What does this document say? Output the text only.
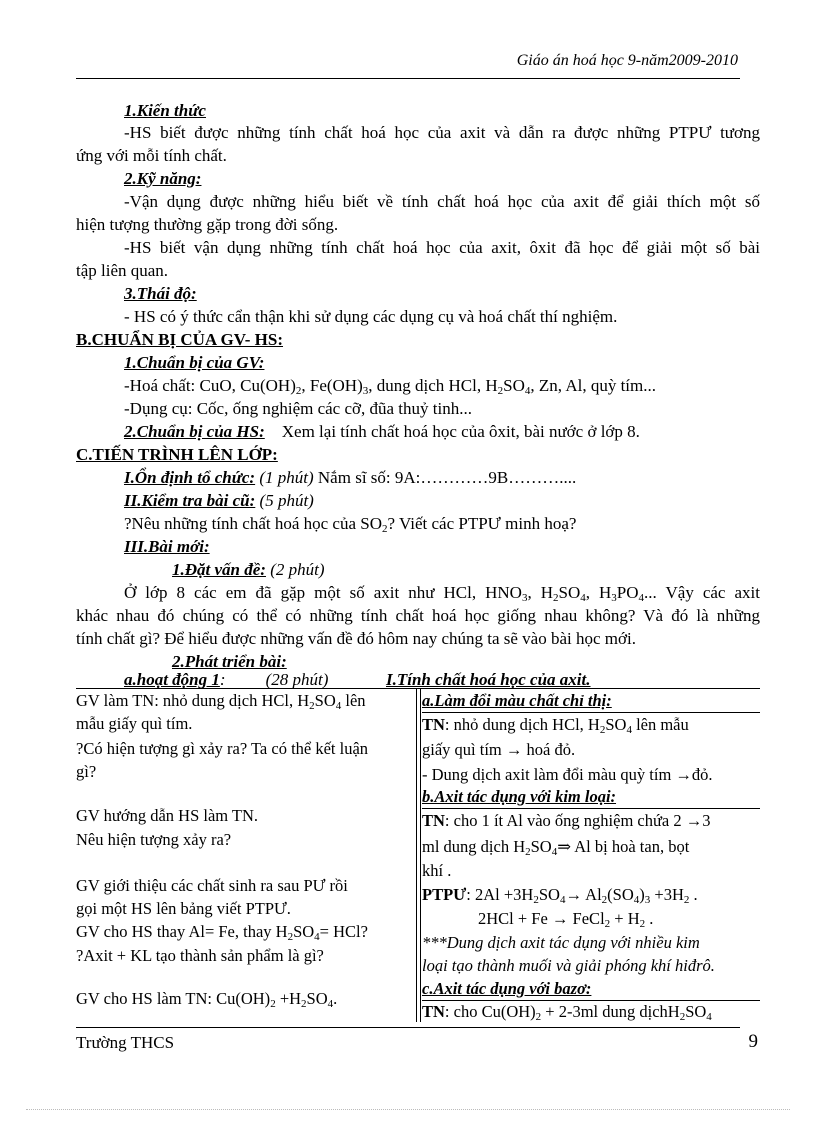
Giáo án hoá học 9-năm2009-2010
1.Kiến thức
-HS biết được những tính chất hoá học của axit và dẫn ra được những PTPƯ tương
ứng với mỗi tính chất.
2.Kỹ năng:
-Vận dụng được những hiểu biết về tính chất hoá học của axit để giải thích một số
hiện tượng thường gặp trong đời sống.
-HS biết vận dụng những tính chất hoá học của axit, ôxit đã học để giải một số bài
tập liên quan.
3.Thái độ:
- HS có ý thức cẩn thận khi sử dụng các dụng cụ và hoá chất thí nghiệm.
B.CHUẨN BỊ CỦA GV- HS:
1.Chuẩn bị của GV:
-Hoá chất: CuO, $Cu(OH)_2$, $Fe(OH)_3$, dung dịch HCl, $H_2SO_4$, Zn, Al, quỳ tím...
-Dụng cụ: Cốc, ống nghiệm các cỡ, đũa thuỷ tinh...
2.Chuẩn bị của HS: Xem lại tính chất hoá học của ôxit, bài nước ở lớp 8.
C.TIẾN TRÌNH LÊN LỚP:
I.Ổn định tổ chức: (1 phút) Nắm sĩ số: 9A:…………9B………....
II.Kiểm tra bài cũ: (5 phút)
?Nêu những tính chất hoá học của $SO_2$? Viết các PTPƯ minh hoạ?
III.Bài mới:
1.Đặt vấn đề: (2 phút)
Ở lớp 8 các em đã gặp một số axit như HCl, $HNO_3$, $H_2SO_4$, $H_3PO_4$... Vậy các axit
khác nhau đó chúng có thể có những tính chất hoá học giống nhau không? Và đó là những
tính chất gì? Để hiểu được những vấn đề đó hôm nay chúng ta sẽ vào bài học mới.
2.Phát triển bài:
a.hoạt động 1: (28 phút)	I.Tính chất hoá học của axit.
GV làm TN: nhỏ dung dịch HCl, $H_2SO_4$ lên
mẫu giấy quì tím.
?Có hiện tượng gì xảy ra? Ta có thể kết luận
gì?
GV hướng dẫn HS làm TN.
Nêu hiện tượng xảy ra?
GV giới thiệu các chất sinh ra sau PƯ rồi
gọi một HS lên bảng viết PTPƯ.
GV cho HS thay Al= Fe, thay $H_2SO_4=$ HCl?
?Axit + KL tạo thành sản phẩm là gì?
GV cho HS làm TN: $Cu(OH)_2 +H_2SO_4$.
a.Làm đổi màu chất chỉ thị:
TN: nhỏ dung dịch HCl, $H_2SO_4$ lên mẫu
giấy quì tím → hoá đỏ.
- Dung dịch axit làm đổi màu quỳ tím →đỏ.
b.Axit tác dụng với kim loại:
TN: cho 1 ít Al vào ống nghiệm chứa 2 →3
ml dung dịch $H_2SO_4\Rightarrow$ Al bị hoà tan, bọt
khí .
PTPƯ: $2Al +3H_2SO_4\to Al_2(SO_4)_3 +3H_2$ .
2HCl + Fe → FeCl$_2$ + $H_2$ .
***Dung dịch axit tác dụng với nhiều kim
loại tạo thành muối và giải phóng khí hiđrô.
c.Axit tác dụng với bazơ:
TN: cho $Cu(OH)_2 + 2-3ml$ dung $dịchH_2SO_4$
Trường THCS	9
